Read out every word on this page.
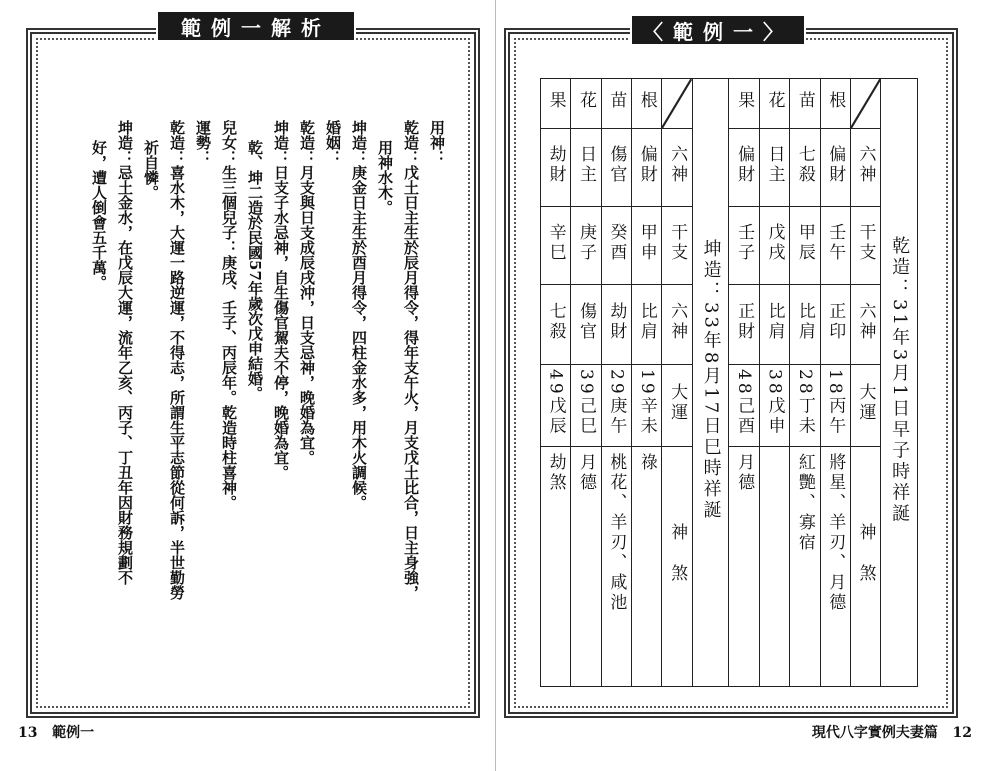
範例一解析

用神：

乾造：戊土日主生於辰月得令，得年支午火，月支戊土比合，日主身強，

用神水木。

坤造：庚金日主生於酉月得令，四柱金水多，用木火調候。

婚姻：

乾造：月支與日支成辰戌沖，日支忌神，晚婚為宜。

坤造：日支子水忌神，自生傷官駕夫不停，晚婚為宜。

乾、坤二造於民國57年歲次戊申結婚。

兒女：生三個兒子：庚戌、壬子、丙辰年。乾造時柱喜神。

運勢：

乾造：喜水木，大運一路逆運，不得志，所謂生平志節從何訴，半世勤勞

祈自憐。

坤造：忌土金水，在戊辰大運，流年乙亥、丙子、丁丑年因財務規劃不

好，遭人倒會五千萬。

〈範例一〉
果	花	苗	根		坤造：33年8月17日巳時祥誕	果	花	苗	根		乾造：31年3月1日早子時祥誕
劫財	日主	傷官	偏財	六神		偏財	日主	七殺	偏財	六神	
辛巳	庚子	癸酉	甲申	干支		壬子	戊戌	甲辰	壬午	干支	
七殺	傷官	劫財	比肩	六神		正財	比肩	比肩	正印	六神	
49戊辰	39己巳	29庚午	19辛未	大運		48己酉	38戊申	28丁未	18丙午	大運	
劫煞	月德	桃花、羊刃、咸池	祿	神煞		月德		紅艷、寡宿	將星、羊刃、月德	神煞	
13 範例一	現代八字實例夫妻篇 12
